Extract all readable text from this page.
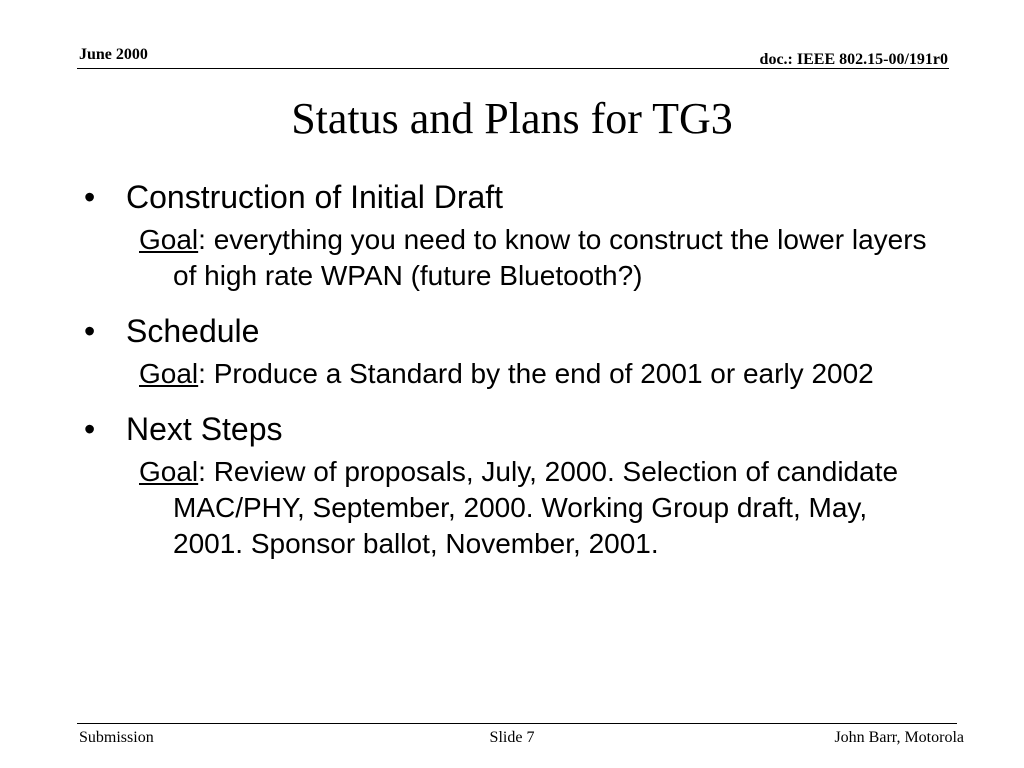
June 2000	doc.: IEEE 802.15-00/191r0
Status and Plans for TG3
• Construction of Initial Draft
Goal: everything you need to know to construct the lower layers of high rate WPAN (future Bluetooth?)
• Schedule
Goal: Produce a Standard by the end of 2001 or early 2002
• Next Steps
Goal: Review of proposals, July, 2000. Selection of candidate MAC/PHY, September, 2000. Working Group draft, May, 2001. Sponsor ballot, November, 2001.
Submission	Slide 7	John Barr, Motorola
